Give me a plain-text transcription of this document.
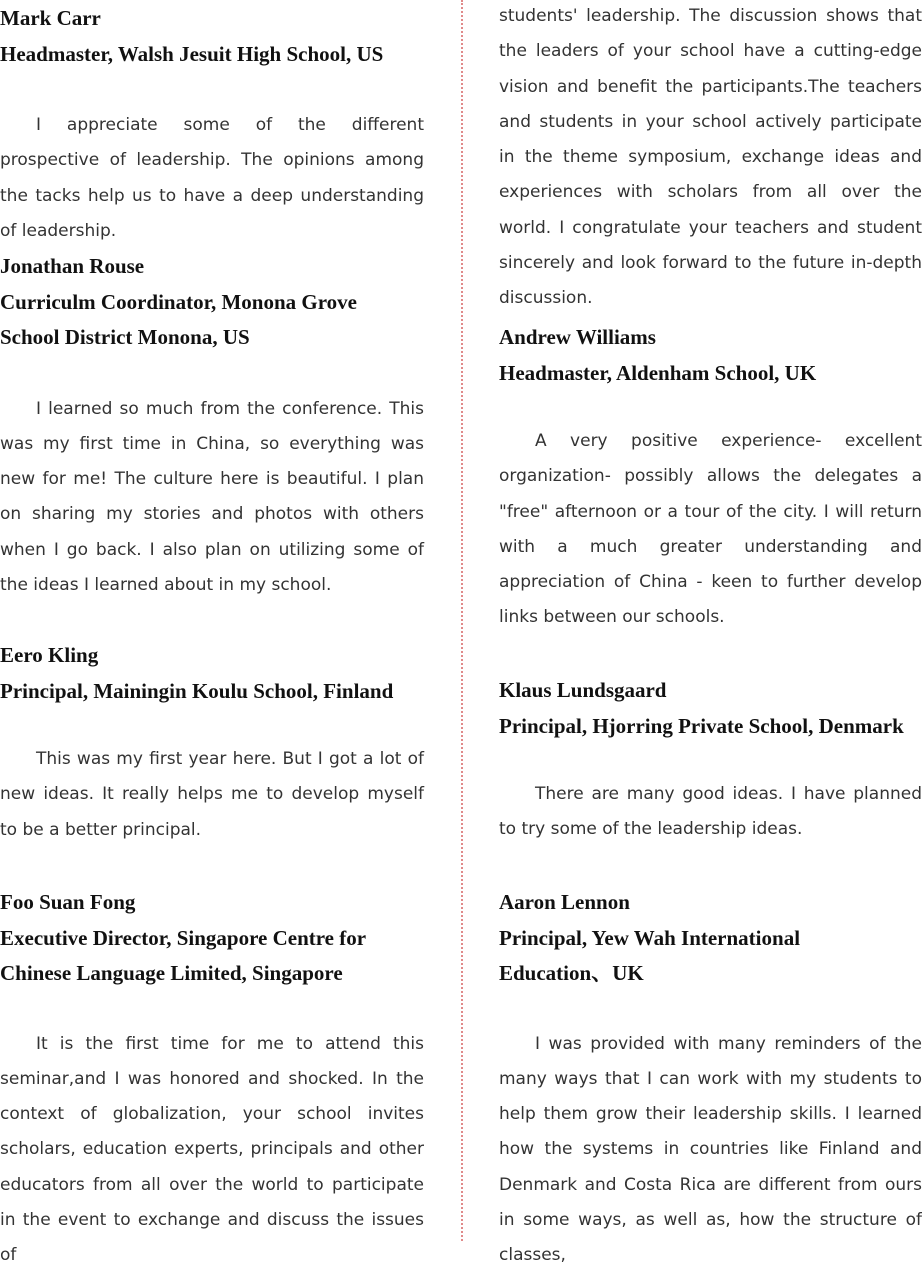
Mark Carr
Headmaster, Walsh Jesuit High School, US

I appreciate some of the different prospective of leadership. The opinions among the tacks help us to have a deep understanding of leadership.

Jonathan Rouse
Curriculm Coordinator, Monona Grove
School District Monona, US

I learned so much from the conference. This was my first time in China, so everything was new for me! The culture here is beautiful. I plan on sharing my stories and photos with others when I go back. I also plan on utilizing some of the ideas I learned about in my school.

Eero Kling
Principal, Mainingin Koulu School, Finland

This was my first year here. But I got a lot of new ideas. It really helps me to develop myself to be a better principal.

Foo Suan Fong
Executive Director, Singapore Centre for
Chinese Language Limited, Singapore

It is the first time for me to attend this seminar,and I was honored and shocked. In the context of globalization, your school invites scholars, education experts, principals and other educators from all over the world to participate in the event to exchange and discuss the issues of

students' leadership. The discussion shows that the leaders of your school have a cutting-edge vision and benefit the participants.The teachers and students in your school actively participate in the theme symposium, exchange ideas and experiences with scholars from all over the world. I congratulate your teachers and student sincerely and look forward to the future in-depth discussion.

Andrew Williams
Headmaster, Aldenham School, UK

A very positive experience- excellent organization- possibly allows the delegates a "free" afternoon or a tour of the city. I will return with a much greater understanding and appreciation of China - keen to further develop links between our schools.

Klaus Lundsgaard
Principal, Hjorring Private School, Denmark

There are many good ideas. I have planned to try some of the leadership ideas.

Aaron Lennon
Principal, Yew Wah International
Education、UK

I was provided with many reminders of the many ways that I can work with my students to help them grow their leadership skills. I learned how the systems in countries like Finland and Denmark and Costa Rica are different from ours in some ways, as well as, how the structure of classes,
